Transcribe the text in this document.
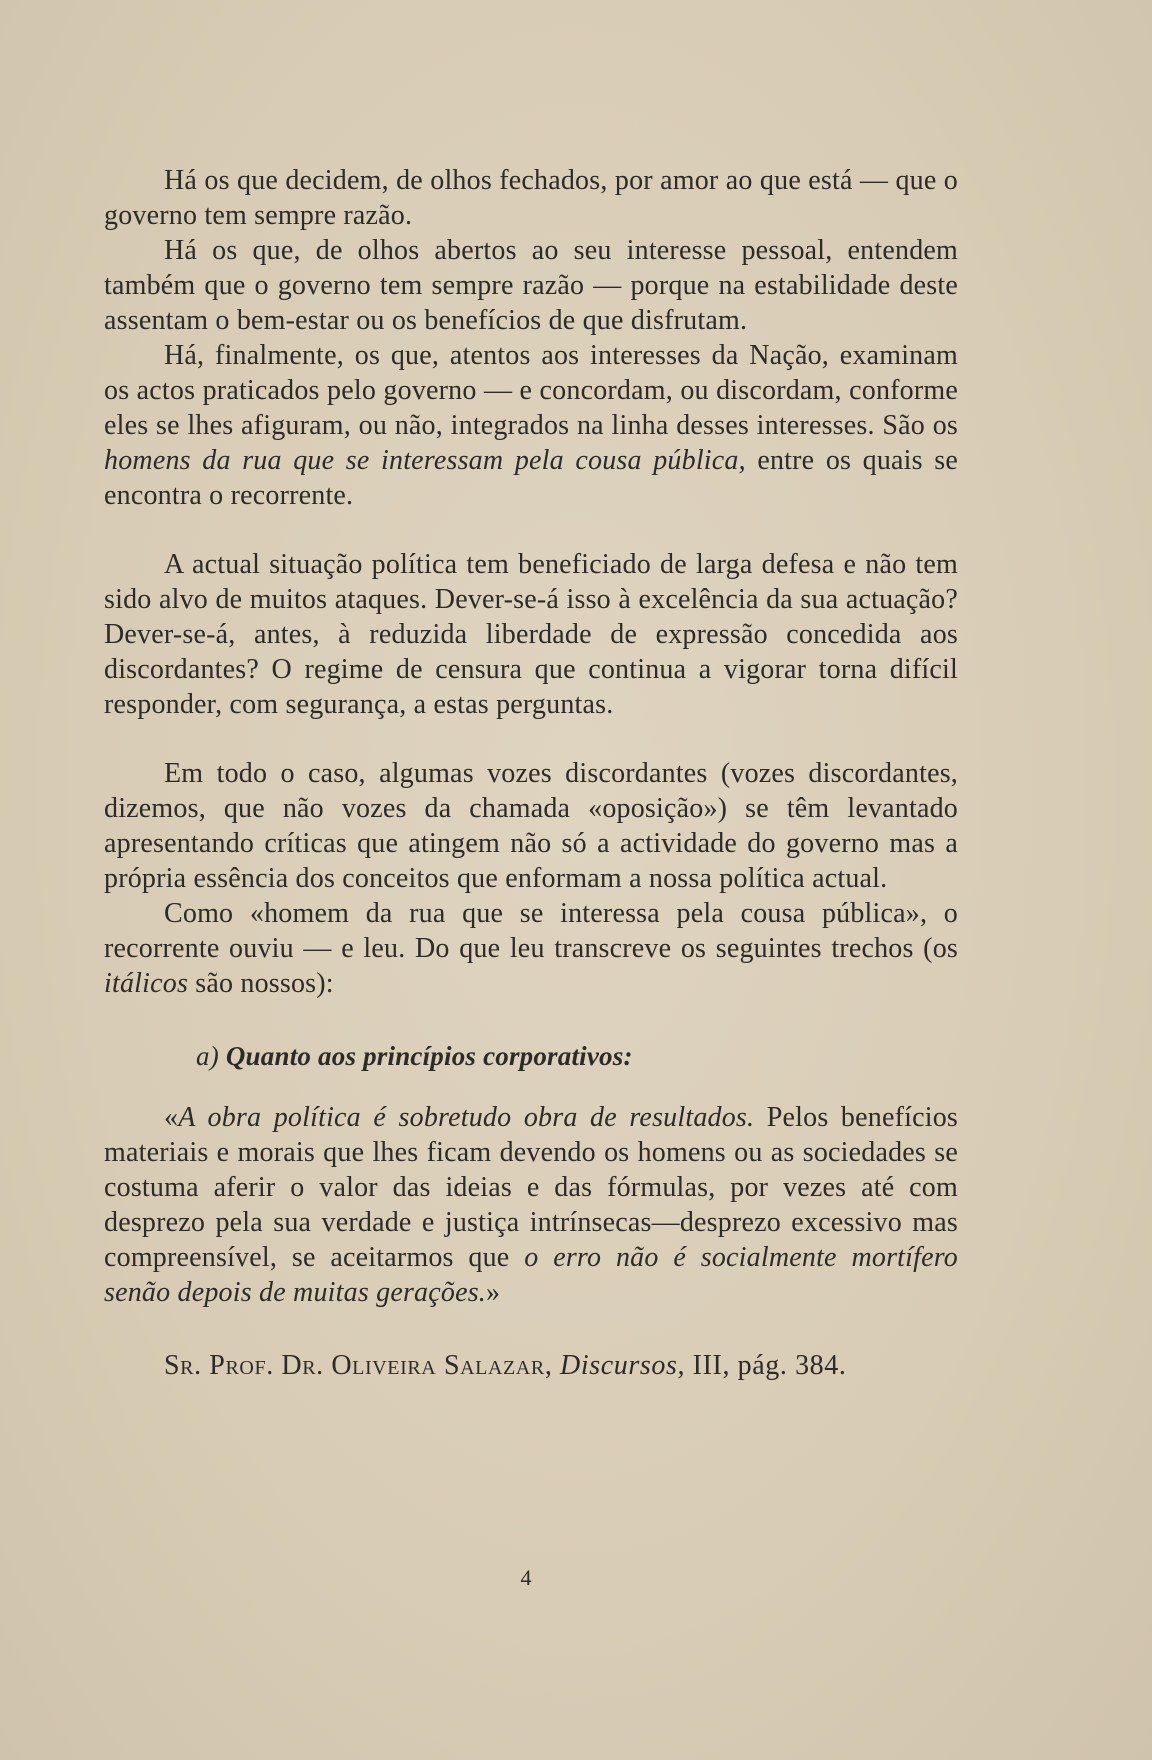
Há os que decidem, de olhos fechados, por amor ao que está — que o governo tem sempre razão.

Há os que, de olhos abertos ao seu interesse pessoal, entendem também que o governo tem sempre razão — porque na estabilidade deste assentam o bem-estar ou os benefícios de que disfrutam.

Há, finalmente, os que, atentos aos interesses da Nação, examinam os actos praticados pelo governo — e concordam, ou discordam, conforme eles se lhes afiguram, ou não, integrados na linha desses interesses. São os homens da rua que se interessam pela cousa pública, entre os quais se encontra o recorrente.

A actual situação política tem beneficiado de larga defesa e não tem sido alvo de muitos ataques. Dever-se-á isso à excelência da sua actuação? Dever-se-á, antes, à reduzida liberdade de expressão concedida aos discordantes? O regime de censura que continua a vigorar torna difícil responder, com segurança, a estas perguntas.

Em todo o caso, algumas vozes discordantes (vozes discordantes, dizemos, que não vozes da chamada «oposição») se têm levantado apresentando críticas que atingem não só a actividade do governo mas a própria essência dos conceitos que enformam a nossa política actual.

Como «homem da rua que se interessa pela cousa pública», o recorrente ouviu — e leu. Do que leu transcreve os seguintes trechos (os itálicos são nossos):

a) Quanto aos princípios corporativos:

«A obra política é sobretudo obra de resultados. Pelos benefícios materiais e morais que lhes ficam devendo os homens ou as sociedades se costuma aferir o valor das ideias e das fórmulas, por vezes até com desprezo pela sua verdade e justiça intrínsecas—desprezo excessivo mas compreensível, se aceitarmos que o erro não é socialmente mortífero senão depois de muitas gerações.»

Sr. Prof. Dr. Oliveira Salazar, Discursos, III, pág. 384.

4
